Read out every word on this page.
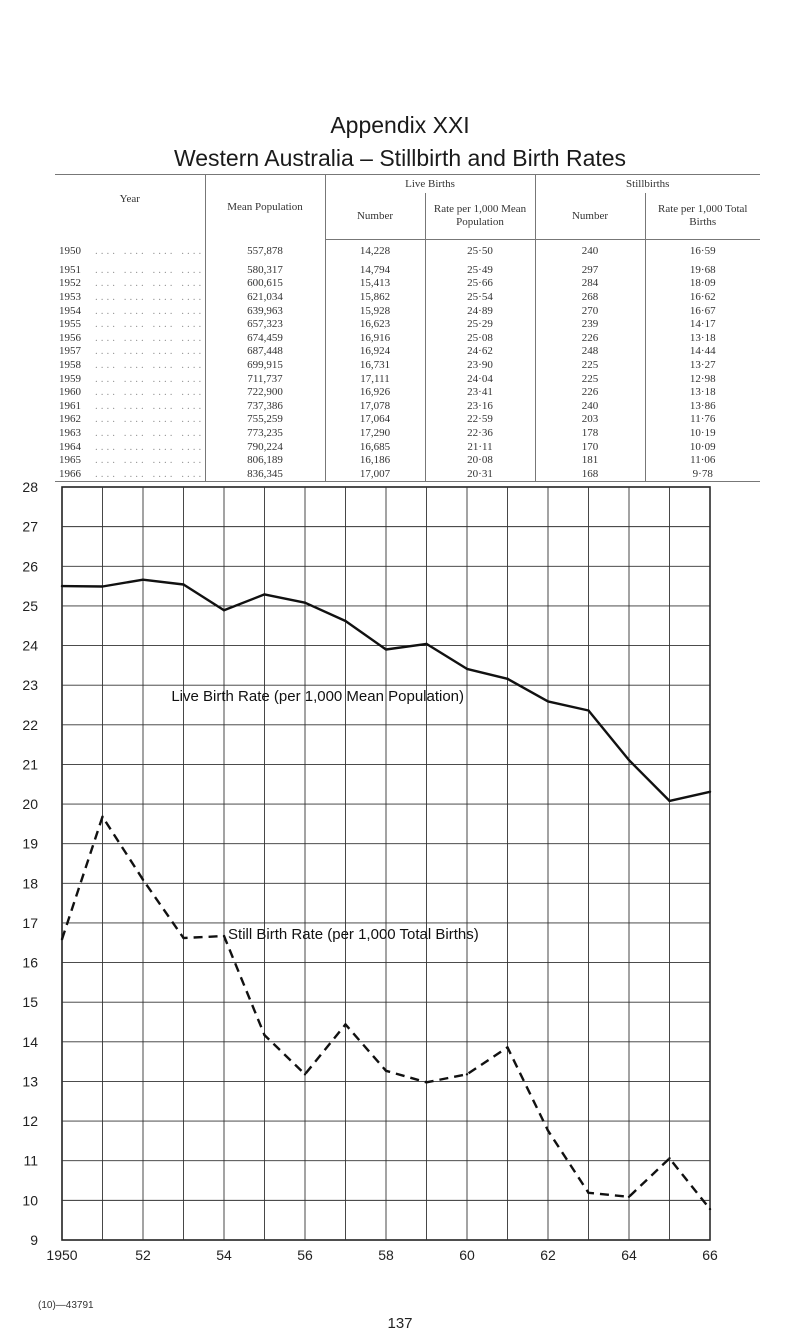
Appendix XXI
Western Australia – Stillbirth and Birth Rates
Year	Mean Population	Live Births		Stillbirths	
		Number	Rate per 1,000 Mean Population	Number	Rate per 1,000 Total Births
1950 .... .... .... ....	557,878	14,228	25·50	240	16·59
1951 .... .... .... ....	580,317	14,794	25·49	297	19·68
1952 .... .... .... ....	600,615	15,413	25·66	284	18·09
1953 .... .... .... ....	621,034	15,862	25·54	268	16·62
1954 .... .... .... ....	639,963	15,928	24·89	270	16·67
1955 .... .... .... ....	657,323	16,623	25·29	239	14·17
1956 .... .... .... ....	674,459	16,916	25·08	226	13·18
1957 .... .... .... ....	687,448	16,924	24·62	248	14·44
1958 .... .... .... ....	699,915	16,731	23·90	225	13·27
1959 .... .... .... ....	711,737	17,111	24·04	225	12·98
1960 .... .... .... ....	722,900	16,926	23·41	226	13·18
1961 .... .... .... ....	737,386	17,078	23·16	240	13·86
1962 .... .... .... ....	755,259	17,064	22·59	203	11·76
1963 .... .... .... ....	773,235	17,290	22·36	178	10·19
1964 .... .... .... ....	790,224	16,685	21·11	170	10·09
1965 .... .... .... ....	806,189	16,186	20·08	181	11·06
1966 .... .... .... ....	836,345	17,007	20·31	168	9·78
9
10
11
12
13
14
15
16
17
18
19
20
21
22
23
24
25
26
27
28
1950	52	54	56	58	60	62	64	66
Live Birth Rate (per 1,000 Mean Population)
Still Birth Rate (per 1,000 Total Births)
(10)—43791
137
